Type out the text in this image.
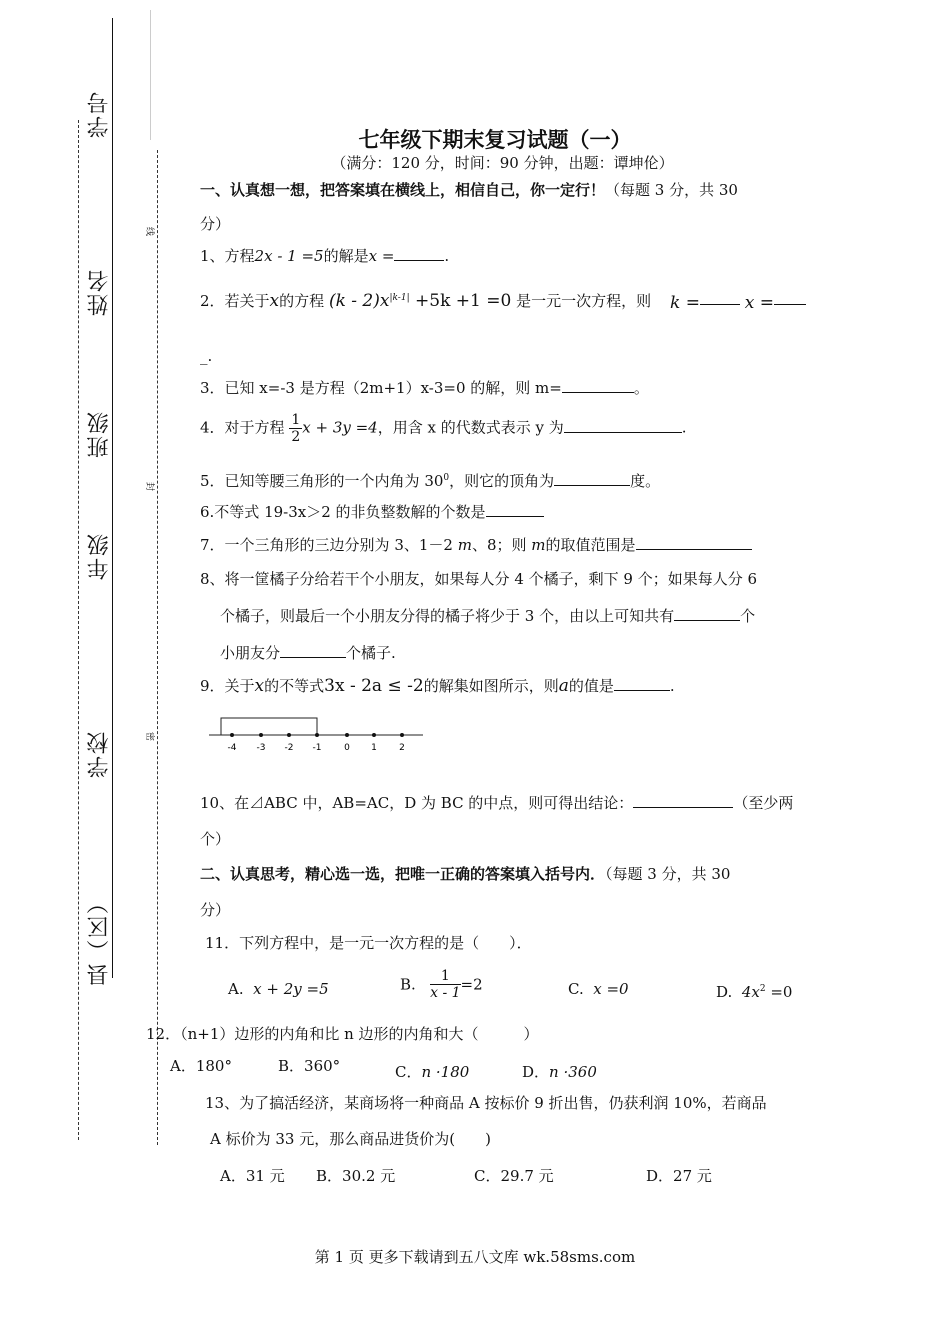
学号
姓名
班级
年级
学校
县（区）
线
封
密
七年级下期末复习试题（一）
（满分：120 分，时间：90 分钟，出题：谭坤伦）
一、认真想一想，把答案填在横线上，相信自己，你一定行！（每题 3 分，共 30
分）
1、方程2x - 1 =5的解是x =	.
2．若关于x的方程 $(k - 2)x^{|k-1|} +5k +1 =0$ 是一元一次方程，则 k =	x =
_.
3．已知 x=-3 是方程（2m+1）x-3=0 的解，则 m=	。
4．对于方程 $\frac{1}{2}$ x + 3y =4，用含 x 的代数式表示 y 为	.
5．已知等腰三角形的一个内角为 $30^0$，则它的顶角为	度。
6.不等式 19-3x＞2 的非负整数解的个数是
7．一个三角形的三边分别为 3、1－2 m、8；则 m的取值范围是
8、将一筐橘子分给若干个小朋友，如果每人分 4 个橘子，剩下 9 个；如果每人分 6
个橘子，则最后一个小朋友分得的橘子将少于 3 个，由以上可知共有	个
小朋友分	个橘子.
9．关于x的不等式3x - 2a ≤ -2的解集如图所示，则a的值是	.
-4 -3 -2 -1	0 1 2
10、在⊿ABC 中，AB=AC，D 为 BC 的中点，则可得出结论：	（至少两
个）
二、认真思考，精心选一选，把唯一正确的答案填入括号内．（每题 3 分，共 30
分）
11．下列方程中，是一元一次方程的是（　　）．
A. x + 2y =5	B. $\frac{1}{x - 1} =2$	C. x =0	D. $4x^2 =0$
12．（n+1）边形的内角和比 n 边形的内角和大（　　　）
A．180°	B．360°	C．n ·180	D．n ·360
13、为了搞活经济，某商场将一种商品 A 按标价 9 折出售，仍获利润 10%，若商品
A 标价为 33 元，那么商品进货价为(　　)
A．31 元 B．30.2 元	C．29.7 元	D．27 元
第 1 页 更多下载请到五八文库 wk.58sms.com
